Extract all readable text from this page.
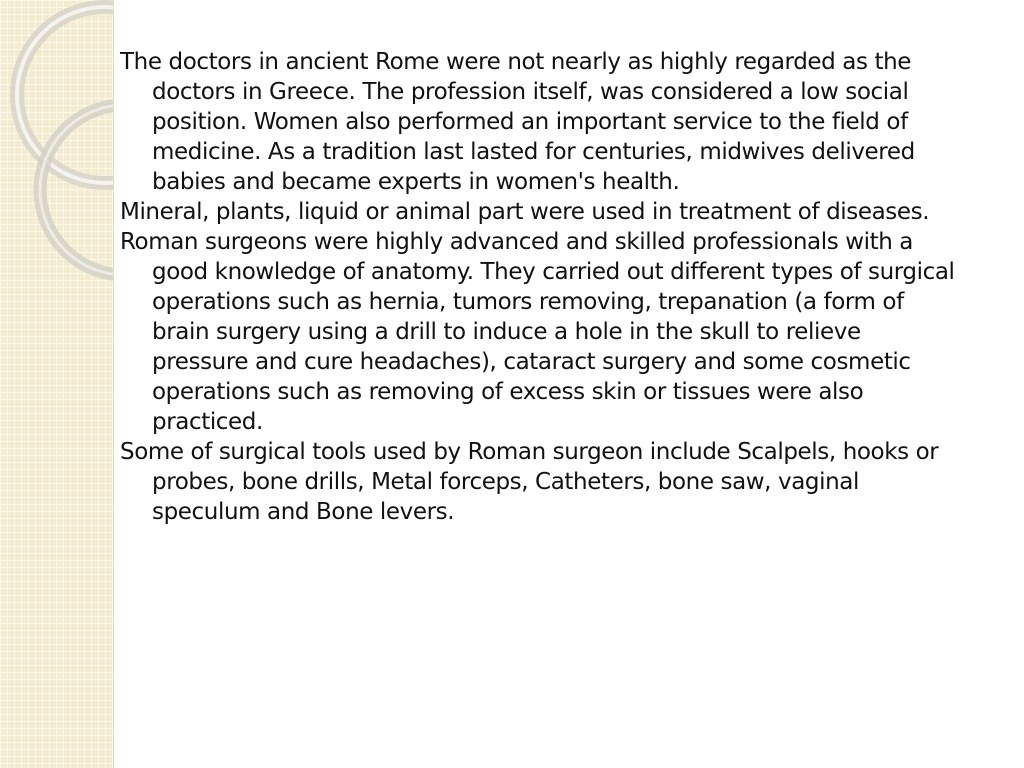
The doctors in ancient Rome were not nearly as highly regarded as the doctors in Greece. The profession itself, was considered a low social position. Women also performed an important service to the field of medicine. As a tradition last lasted for centuries, midwives delivered babies and became experts in women's health.
Mineral, plants, liquid or animal part were used in treatment of diseases.
Roman surgeons were highly advanced and skilled professionals with a good knowledge of anatomy. They carried out different types of surgical operations such as hernia, tumors removing, trepanation (a form of brain surgery using a drill to induce a hole in the skull to relieve pressure and cure headaches), cataract surgery and some cosmetic operations such as removing of excess skin or tissues were also practiced.
Some of surgical tools used by Roman surgeon include Scalpels, hooks or probes, bone drills, Metal forceps, Catheters, bone saw, vaginal speculum and Bone levers.
